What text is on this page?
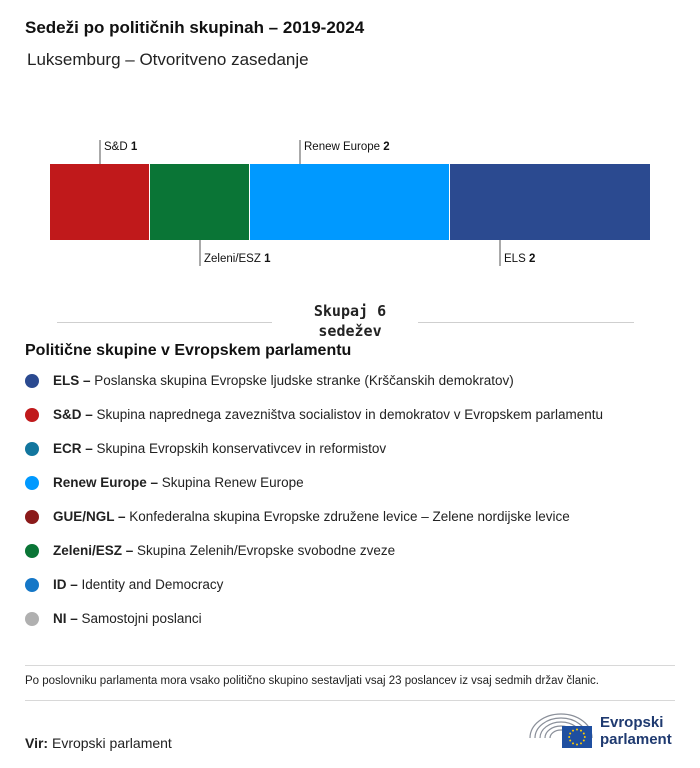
Sedeži po političnih skupinah – 2019-2024
Luksemburg – Otvoritveno zasedanje
S&D 1
Zeleni/ESZ 1
Renew Europe 2
ELS 2
Skupaj 6
sedežev
Politične skupine v Evropskem parlamentu
ELS – Poslanska skupina Evropske ljudske stranke (Krščanskih demokratov)
S&D – Skupina naprednega zavezništva socialistov in demokratov v Evropskem parlamentu
ECR – Skupina Evropskih konservativcev in reformistov
Renew Europe – Skupina Renew Europe
GUE/NGL – Konfederalna skupina Evropske združene levice – Zelene nordijske levice
Zeleni/ESZ – Skupina Zelenih/Evropske svobodne zveze
ID – Identity and Democracy
NI – Samostojni poslanci
Po poslovniku parlamenta mora vsako politično skupino sestavljati vsaj 23 poslancev iz vsaj sedmih držav članic.
Vir: Evropski parlament
Evropski
parlament
